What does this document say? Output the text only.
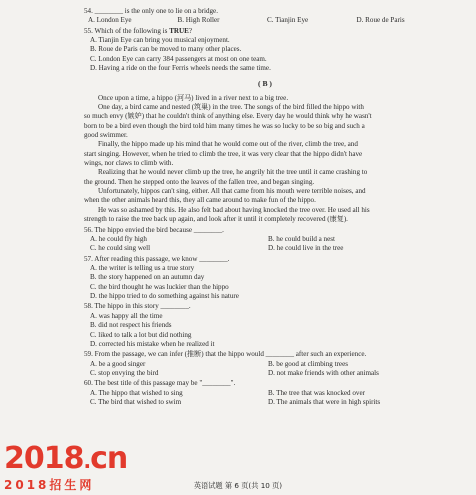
54. ________ is the only one to lie on a bridge.
A. London Eye	B. High Roller	C. Tianjin Eye	D. Roue de Paris
55. Which of the following is TRUE?
A. Tianjin Eye can bring you musical enjoyment.
B. Roue de Paris can be moved to many other places.
C. London Eye can carry 384 passengers at most on one team.
D. Having a ride on the four Ferris wheels needs the same time.
( B )
Once upon a time, a hippo (河马) lived in a river next to a big tree.
One day, a bird came and nested (筑巢) in the tree. The songs of the bird filled the hippo with
so much envy (嫉妒) that he couldn't think of anything else. Every day he would think why he wasn't
born to be a bird even though the bird told him many times he was so lucky to be so big and such a
good swimmer.
Finally, the hippo made up his mind that he would come out of the river, climb the tree, and
start singing. However, when he tried to climb the tree, it was very clear that the hippo didn't have
wings, nor claws to climb with.
Realizing that he would never climb up the tree, he angrily hit the tree until it came crashing to
the ground. Then he stepped onto the leaves of the fallen tree, and began singing.
Unfortunately, hippos can't sing, either. All that came from his mouth were terrible noises, and
when the other animals heard this, they all came around to make fun of the hippo.
He was so ashamed by this. He also felt bad about having knocked the tree over. He used all his
strength to raise the tree back up again, and look after it until it completely recovered (康复).
56. The hippo envied the bird because ________.
A. he could fly high	B. he could build a nest
C. he could sing well	D. he could live in the tree
57. After reading this passage, we know ________.
A. the writer is telling us a true story
B. the story happened on an autumn day
C. the bird thought he was luckier than the hippo
D. the hippo tried to do something against his nature
58. The hippo in this story ________.
A. was happy all the time
B. did not respect his friends
C. liked to talk a lot but did nothing
D. corrected his mistake when he realized it
59. From the passage, we can infer (推断) that the hippo would ________ after such an experience.
A. be a good singer	B. be good at climbing trees
C. stop envying the bird	D. not make friends with other animals
60. The best title of this passage may be "________".
A. The hippo that wished to sing	B. The tree that was knocked over
C. The bird that wished to swim	D. The animals that were in high spirits
英语试题 第 6 页(共 10 页)
2018.cn
2018招生网
